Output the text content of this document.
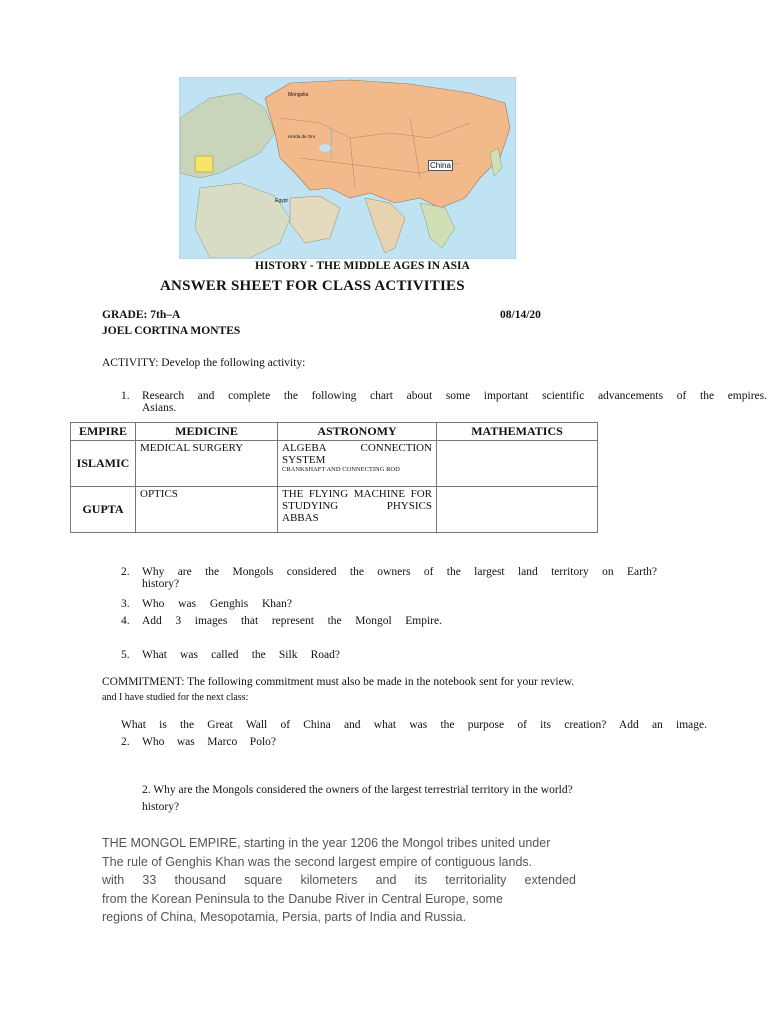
Mongolia
China
Egypt
Horda de Oro
HISTORY - THE MIDDLE AGES IN ASIA
ANSWER SHEET FOR CLASS ACTIVITIES
GRADE: 7th–A	08/14/20
JOEL CORTINA MONTES
ACTIVITY: Develop the following activity:
1. Research and complete the following chart about some important scientific advancements of the empires.
Asians.
EMPIRE	MEDICINE	ASTRONOMY	MATHEMATICS
ISLAMIC	MEDICAL SURGERY	ALGEBA CONNECTION SYSTEM
CRANKSHAFT AND CONNECTING ROD	

GUPTA	OPTICS	THE FLYING MACHINE FOR STUDYING PHYSICS
ABBAS	

2. Why are the Mongols considered the owners of the largest land territory on Earth?
history?
3. Who was Genghis Khan?
4. Add 3 images that represent the Mongol Empire.
5. What was called the Silk Road?
COMMITMENT: The following commitment must also be made in the notebook sent for your review.
and I have studied for the next class:
What is the Great Wall of China and what was the purpose of its creation? Add an image.
2. Who was Marco Polo?
2. Why are the Mongols considered the owners of the largest terrestrial territory in the world?
history?
THE MONGOL EMPIRE, starting in the year 1206 the Mongol tribes united under
The rule of Genghis Khan was the second largest empire of contiguous lands.
with 33 thousand square kilometers and its territoriality extended
from the Korean Peninsula to the Danube River in Central Europe, some
regions of China, Mesopotamia, Persia, parts of India and Russia.
